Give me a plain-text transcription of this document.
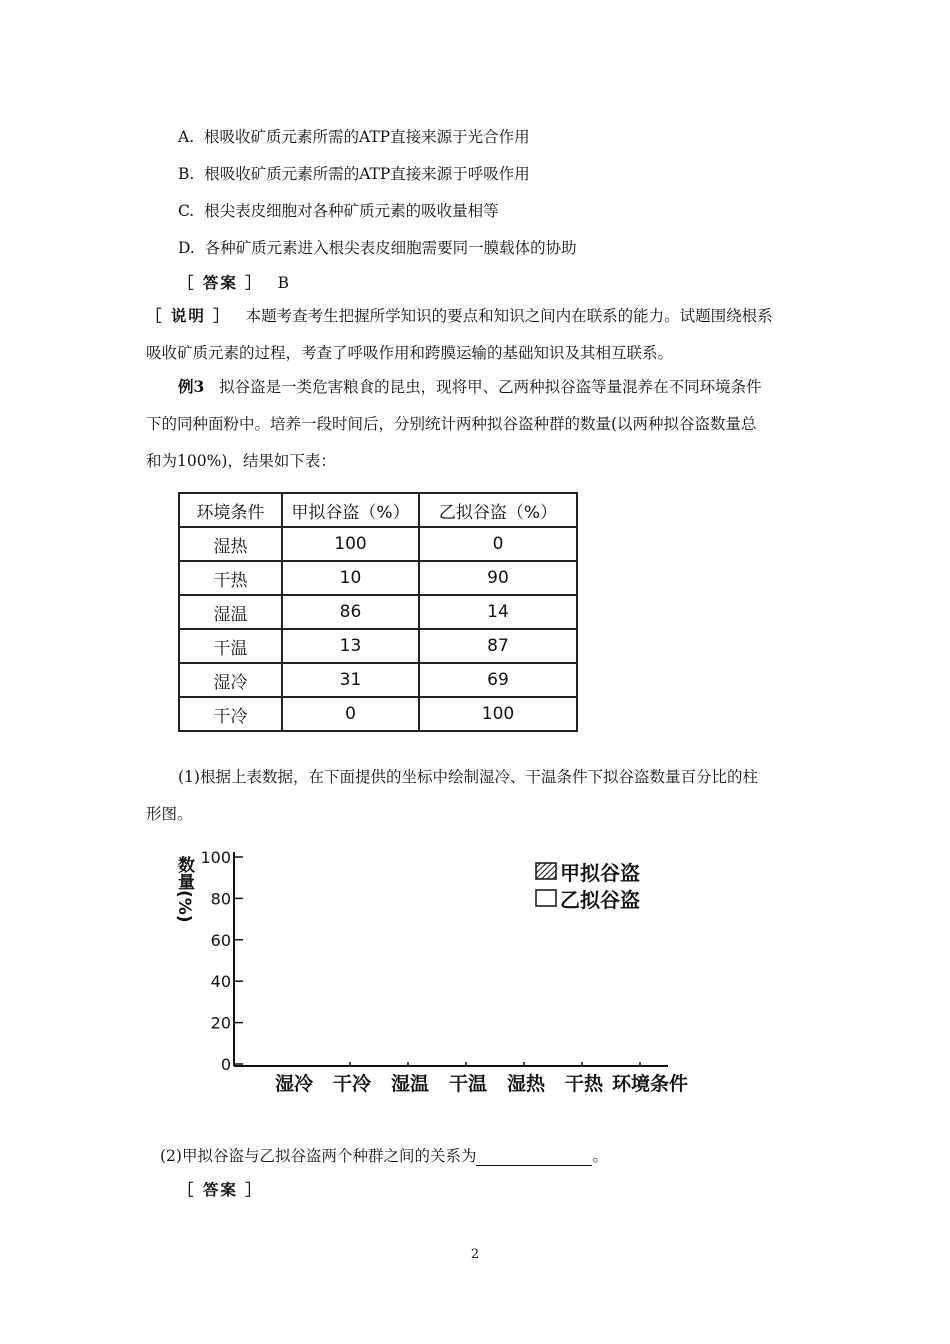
A. 根吸收矿质元素所需的ATP直接来源于光合作用
B. 根吸收矿质元素所需的ATP直接来源于呼吸作用
C. 根尖表皮细胞对各种矿质元素的吸收量相等
D. 各种矿质元素进入根尖表皮细胞需要同一膜载体的协助
［ 答案 ］ B
［ 说明 ］ 本题考查考生把握所学知识的要点和知识之间内在联系的能力。试题围绕根系
吸收矿质元素的过程，考查了呼吸作用和跨膜运输的基础知识及其相互联系。
例3 拟谷盗是一类危害粮食的昆虫，现将甲、乙两种拟谷盗等量混养在不同环境条件
下的同种面粉中。培养一段时间后，分别统计两种拟谷盗种群的数量(以两种拟谷盗数量总
和为100%)，结果如下表：
环境条件	甲拟谷盗（%）	乙拟谷盗（%）
湿热	100	0
干热	10	90
湿温	86	14
干温	13	87
湿冷	31	69
干冷	0	100
(1)根据上表数据，在下面提供的坐标中绘制湿冷、干温条件下拟谷盗数量百分比的柱
形图。
数量(%) 100
80
60
40
20
0
湿冷 干冷 湿温 干温 湿热 干热
甲拟谷盗
乙拟谷盗
环境条件
(2)甲拟谷盗与乙拟谷盗两个种群之间的关系为	。
［ 答案 ］
2
